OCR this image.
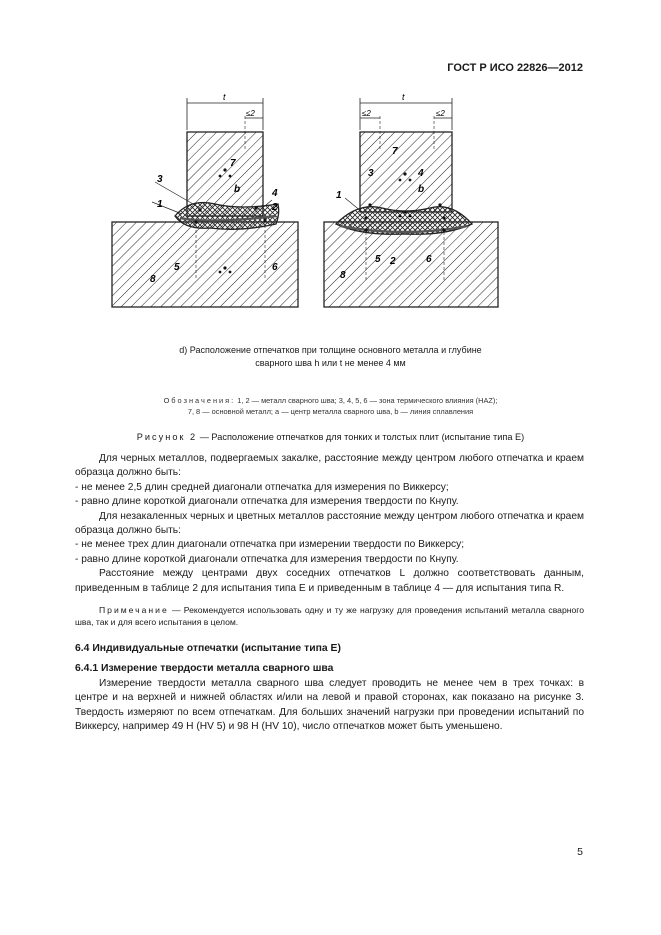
ГОСТ Р ИСО 22826—2012
t
≤2
t
≤2	≤2
7
b
3
1
4
2
5	6
8
7
3	4
b
1
5 2	6
8
d) Расположение отпечатков при толщине основного металла и глубине
сварного шва h или t не менее 4 мм
Обозначения: 1, 2 — металл сварного шва; 3, 4, 5, 6 — зона термического влияния (HAZ);
7, 8 — основной металл; a — центр металла сварного шва, b — линия сплавления
Рисунок 2 — Расположение отпечатков для тонких и толстых плит (испытание типа E)

Для черных металлов, подвергаемых закалке, расстояние между центром любого отпечатка и краем образца должно быть:

- не менее 2,5 длин средней диагонали отпечатка для измерения по Виккерсу;

- равно длине короткой диагонали отпечатка для измерения твердости по Кнупу.

Для незакаленных черных и цветных металлов расстояние между центром любого отпечатка и краем образца должно быть:

- не менее трех длин диагонали отпечатка при измерении твердости по Виккерсу;

- равно длине короткой диагонали отпечатка для измерения твердости по Кнупу.

Расстояние между центрами двух соседних отпечатков L должно соответствовать данным, приведенным в таблице 2 для испытания типа E и приведенным в таблице 4 — для испытания типа R.

Примечание — Рекомендуется использовать одну и ту же нагрузку для проведения испытаний металла сварного шва, так и для всего испытания в целом.

6.4 Индивидуальные отпечатки (испытание типа E)

6.4.1 Измерение твердости металла сварного шва

Измерение твердости металла сварного шва следует проводить не менее чем в трех точках: в центре и на верхней и нижней областях и/или на левой и правой сторонах, как показано на рисунке 3. Твердость измеряют по всем отпечаткам. Для больших значений нагрузки при проведении испытаний по Виккерсу, например 49 H (HV 5) и 98 H (HV 10), число отпечатков может быть уменьшено.

5
